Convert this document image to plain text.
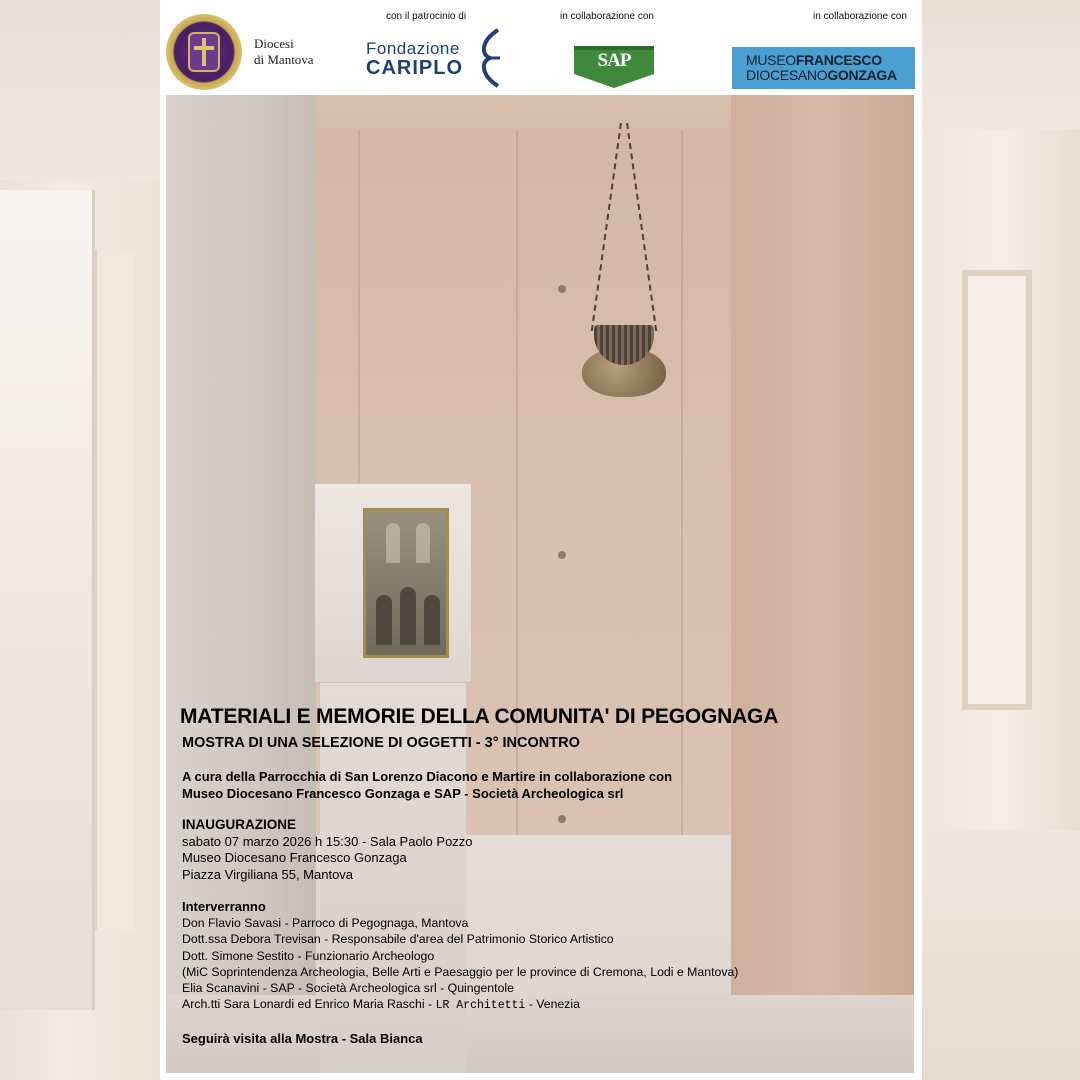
Diocesi
di Mantova
con il patrocinio di	in collaborazione con	in collaborazione con
Fondazione
CARIPLO	SAP	MUSEOFRANCESCO
DIOCESANOGONZAGA
MATERIALI E MEMORIE DELLA COMUNITA' DI PEGOGNAGA
MOSTRA DI UNA SELEZIONE DI OGGETTI - 3° INCONTRO
A cura della Parrocchia di San Lorenzo Diacono e Martire in collaborazione con
Museo Diocesano Francesco Gonzaga e SAP - Società Archeologica srl
INAUGURAZIONE
sabato 07 marzo 2026 h 15:30 - Sala Paolo Pozzo
Museo Diocesano Francesco Gonzaga
Piazza Virgiliana 55, Mantova
Interverranno
Don Flavio Savasi - Parroco di Pegognaga, Mantova
Dott.ssa Debora Trevisan - Responsabile d'area del Patrimonio Storico Artistico
Dott. Simone Sestito - Funzionario Archeologo
(MiC Soprintendenza Archeologia, Belle Arti e Paesaggio per le province di Cremona, Lodi e Mantova)
Elia Scanavini - SAP - Società Archeologica srl - Quingentole
Arch.tti Sara Lonardi ed Enrico Maria Raschi - LR Architetti - Venezia
Seguirà visita alla Mostra - Sala Bianca
